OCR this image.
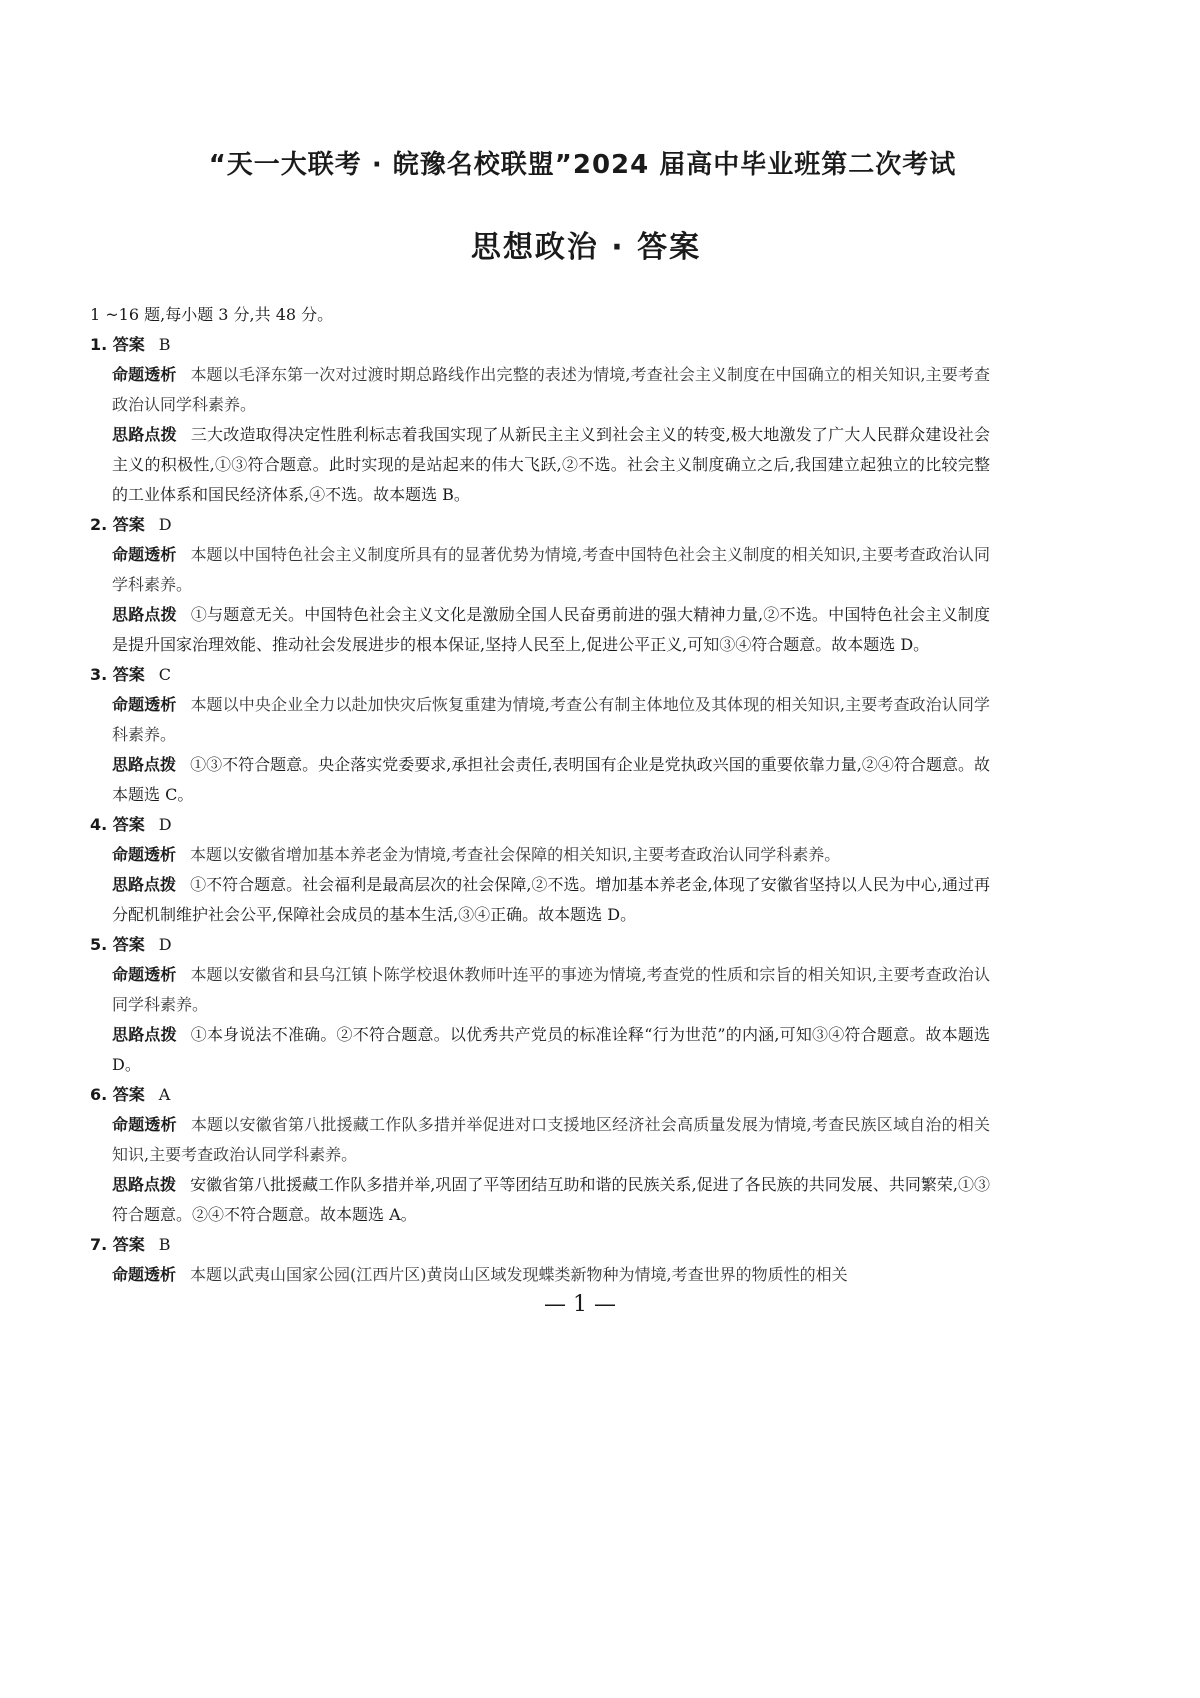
“天一大联考 · 皖豫名校联盟”2024 届高中毕业班第二次考试
思想政治 · 答案
1 ~16 题,每小题 3 分,共 48 分。
1. 答案 B
命题透析 本题以毛泽东第一次对过渡时期总路线作出完整的表述为情境,考查社会主义制度在中国确立的相关知识,主要考查政治认同学科素养。
思路点拨 三大改造取得决定性胜利标志着我国实现了从新民主主义到社会主义的转变,极大地激发了广大人民群众建设社会主义的积极性,①③符合题意。此时实现的是站起来的伟大飞跃,②不选。社会主义制度确立之后,我国建立起独立的比较完整的工业体系和国民经济体系,④不选。故本题选 B。
2. 答案 D
命题透析 本题以中国特色社会主义制度所具有的显著优势为情境,考查中国特色社会主义制度的相关知识,主要考查政治认同学科素养。
思路点拨 ①与题意无关。中国特色社会主义文化是激励全国人民奋勇前进的强大精神力量,②不选。中国特色社会主义制度是提升国家治理效能、推动社会发展进步的根本保证,坚持人民至上,促进公平正义,可知③④符合题意。故本题选 D。
3. 答案 C
命题透析 本题以中央企业全力以赴加快灾后恢复重建为情境,考查公有制主体地位及其体现的相关知识,主要考查政治认同学科素养。
思路点拨 ①③不符合题意。央企落实党委要求,承担社会责任,表明国有企业是党执政兴国的重要依靠力量,②④符合题意。故本题选 C。
4. 答案 D
命题透析 本题以安徽省增加基本养老金为情境,考查社会保障的相关知识,主要考查政治认同学科素养。
思路点拨 ①不符合题意。社会福利是最高层次的社会保障,②不选。增加基本养老金,体现了安徽省坚持以人民为中心,通过再分配机制维护社会公平,保障社会成员的基本生活,③④正确。故本题选 D。
5. 答案 D
命题透析 本题以安徽省和县乌江镇卜陈学校退休教师叶连平的事迹为情境,考查党的性质和宗旨的相关知识,主要考查政治认同学科素养。
思路点拨 ①本身说法不准确。②不符合题意。以优秀共产党员的标准诠释“行为世范”的内涵,可知③④符合题意。故本题选 D。
6. 答案 A
命题透析 本题以安徽省第八批援藏工作队多措并举促进对口支援地区经济社会高质量发展为情境,考查民族区域自治的相关知识,主要考查政治认同学科素养。
思路点拨 安徽省第八批援藏工作队多措并举,巩固了平等团结互助和谐的民族关系,促进了各民族的共同发展、共同繁荣,①③符合题意。②④不符合题意。故本题选 A。
7. 答案 B
命题透析 本题以武夷山国家公园(江西片区)黄岗山区域发现蝶类新物种为情境,考查世界的物质性的相关
— 1 —
